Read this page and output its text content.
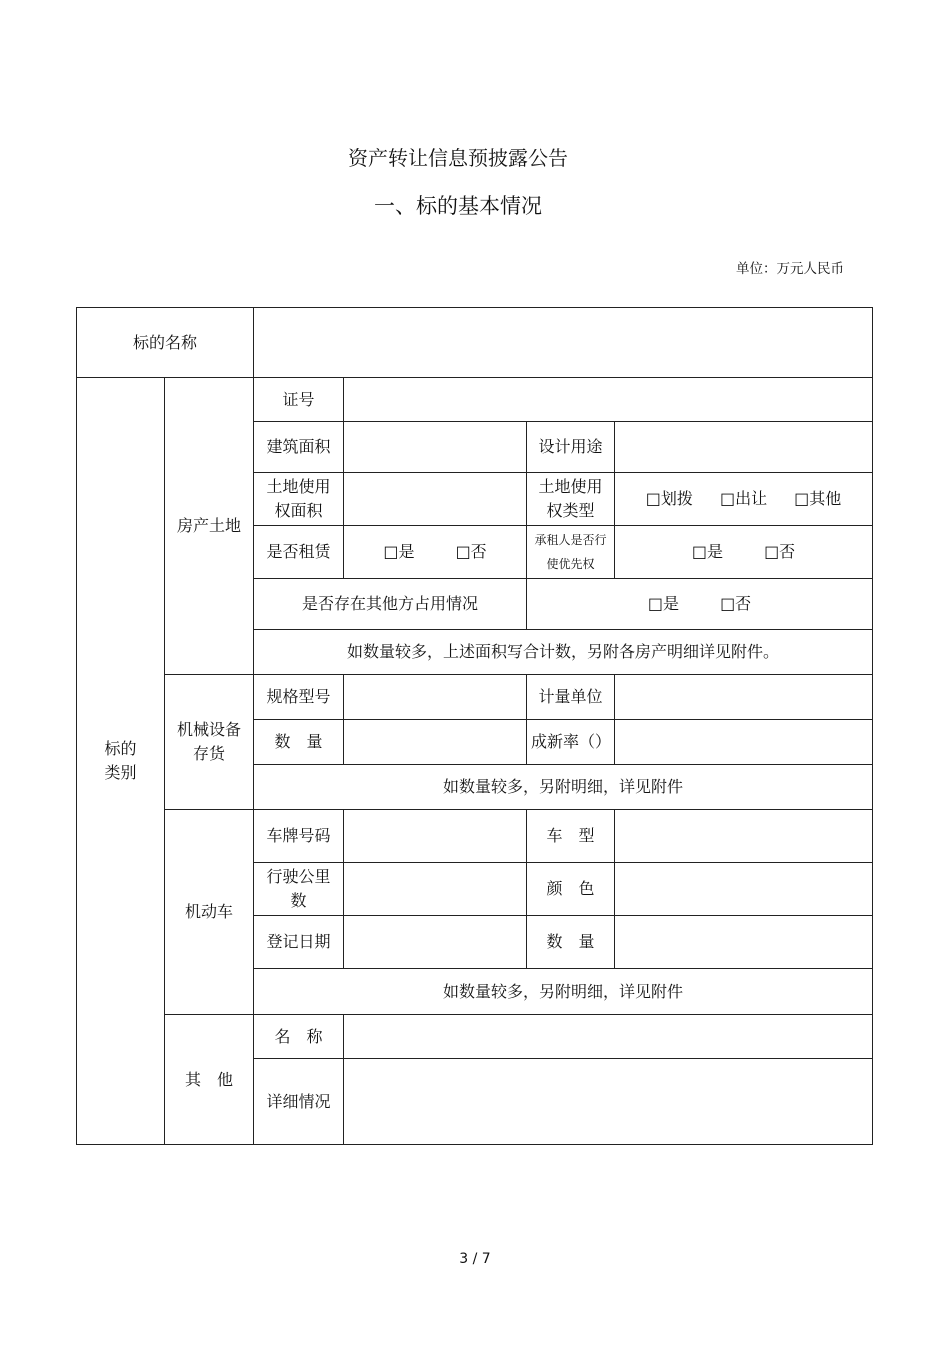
资产转让信息预披露公告
一、标的基本情况
单位：万元人民币
标的名称					
标的类别	房产土地	证号			
		建筑面积		设计用途	
		土地使用权面积		土地使用权类型	□划拨 □出让 □其他
		是否租赁	□是 □否	承租人是否行使优先权	□是 □否
		是否存在其他方占用情况		□是 □否	
		如数量较多，上述面积写合计数，另附各房产明细详见附件。			
	机械设备存货	规格型号		计量单位	
		数　量		成新率（）	
		如数量较多，另附明细，详见附件			
	机动车	车牌号码		车　型	
		行驶公里数		颜　色	
		登记日期		数　量	
		如数量较多，另附明细，详见附件			
	其　他	名　称			
		详细情况			
3 / 7
